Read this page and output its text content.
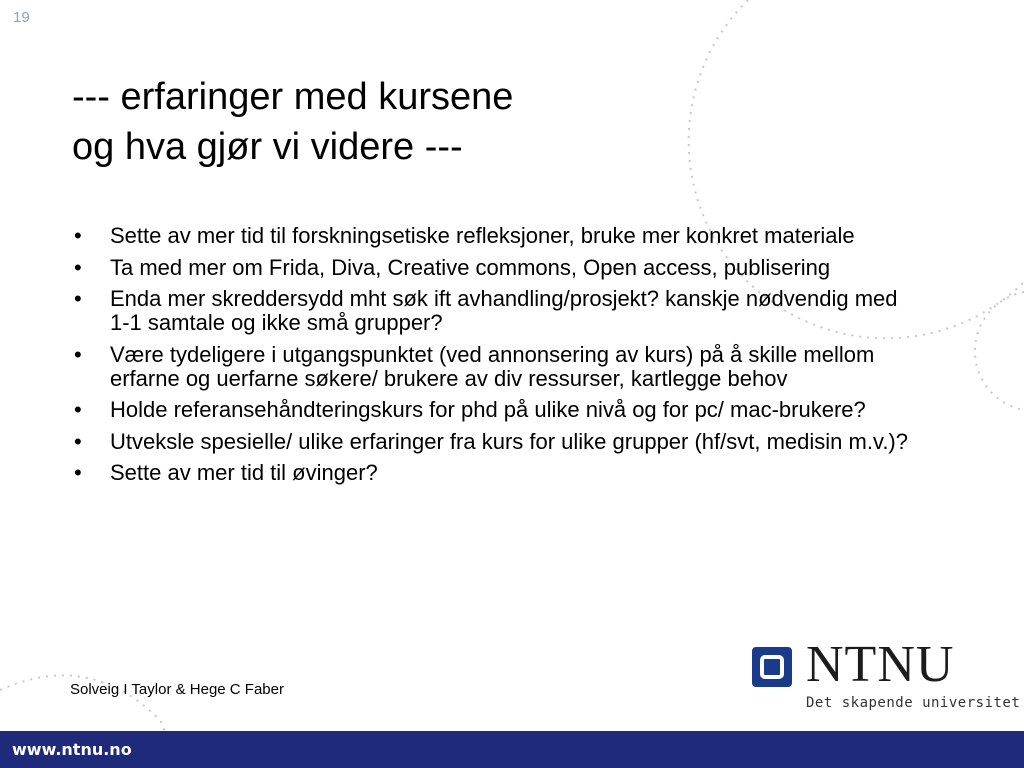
19
--- erfaringer med kursene
og hva gjør vi videre ---
• Sette av mer tid til forskningsetiske refleksjoner, bruke mer konkret materiale
• Ta med mer om Frida, Diva, Creative commons, Open access, publisering
• Enda mer skreddersydd mht søk ift avhandling/prosjekt? kanskje nødvendig med 1-1 samtale og ikke små grupper?
• Være tydeligere i utgangspunktet (ved annonsering av kurs) på å skille mellom erfarne og uerfarne søkere/ brukere av div ressurser, kartlegge behov
• Holde referansehåndteringskurs for phd på ulike nivå og for pc/ mac-brukere?
• Utveksle spesielle/ ulike erfaringer fra kurs for ulike grupper (hf/svt, medisin m.v.)?
• Sette av mer tid til øvinger?
Solveig I Taylor & Hege C Faber	NTNU
Det skapende universitet
www.ntnu.no
